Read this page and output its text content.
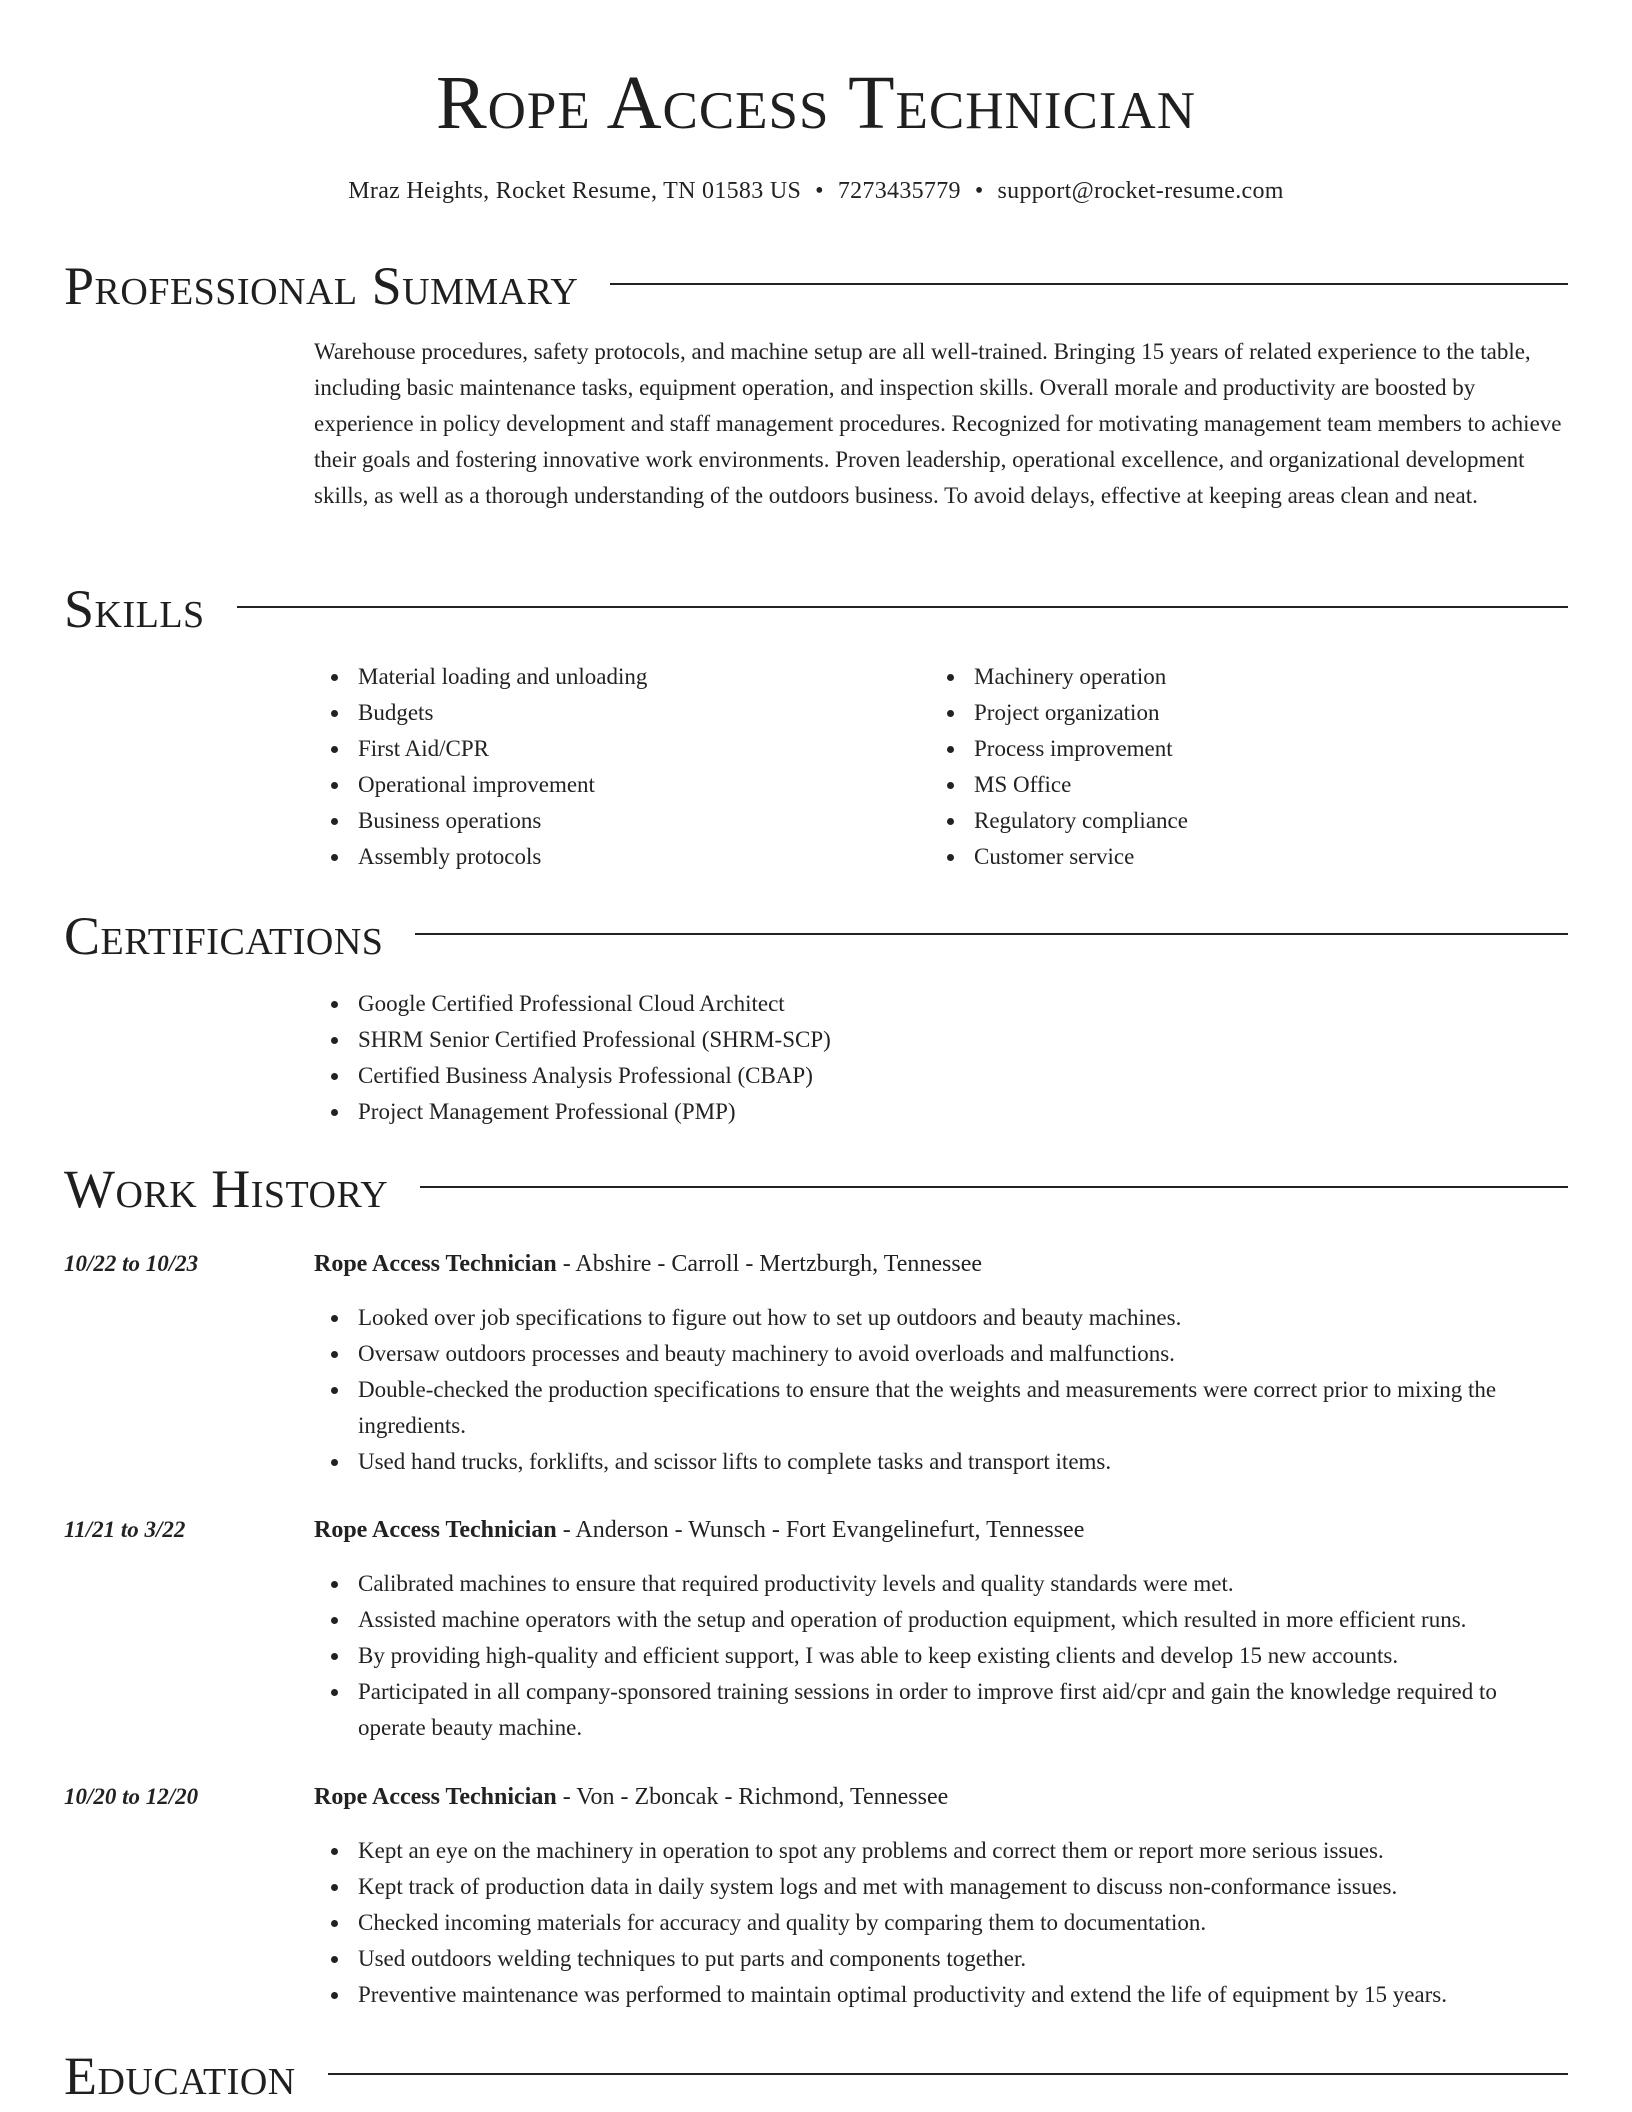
Rope Access Technician
Mraz Heights, Rocket Resume, TN 01583 US • 7273435779 • support@rocket-resume.com
Professional Summary
Warehouse procedures, safety protocols, and machine setup are all well-trained. Bringing 15 years of related experience to the table, including basic maintenance tasks, equipment operation, and inspection skills. Overall morale and productivity are boosted by experience in policy development and staff management procedures. Recognized for motivating management team members to achieve their goals and fostering innovative work environments. Proven leadership, operational excellence, and organizational development skills, as well as a thorough understanding of the outdoors business. To avoid delays, effective at keeping areas clean and neat.
Skills
Material loading and unloading
Budgets
First Aid/CPR
Operational improvement
Business operations
Assembly protocols
Machinery operation
Project organization
Process improvement
MS Office
Regulatory compliance
Customer service
Certifications
Google Certified Professional Cloud Architect
SHRM Senior Certified Professional (SHRM-SCP)
Certified Business Analysis Professional (CBAP)
Project Management Professional (PMP)
Work History
10/22 to 10/23	Rope Access Technician - Abshire - Carroll - Mertzburgh, Tennessee
Looked over job specifications to figure out how to set up outdoors and beauty machines.
Oversaw outdoors processes and beauty machinery to avoid overloads and malfunctions.
Double-checked the production specifications to ensure that the weights and measurements were correct prior to mixing the ingredients.
Used hand trucks, forklifts, and scissor lifts to complete tasks and transport items.
11/21 to 3/22	Rope Access Technician - Anderson - Wunsch - Fort Evangelinefurt, Tennessee
Calibrated machines to ensure that required productivity levels and quality standards were met.
Assisted machine operators with the setup and operation of production equipment, which resulted in more efficient runs.
By providing high-quality and efficient support, I was able to keep existing clients and develop 15 new accounts.
Participated in all company-sponsored training sessions in order to improve first aid/cpr and gain the knowledge required to operate beauty machine.
10/20 to 12/20	Rope Access Technician - Von - Zboncak - Richmond, Tennessee
Kept an eye on the machinery in operation to spot any problems and correct them or report more serious issues.
Kept track of production data in daily system logs and met with management to discuss non-conformance issues.
Checked incoming materials for accuracy and quality by comparing them to documentation.
Used outdoors welding techniques to put parts and components together.
Preventive maintenance was performed to maintain optimal productivity and extend the life of equipment by 15 years.
Education
